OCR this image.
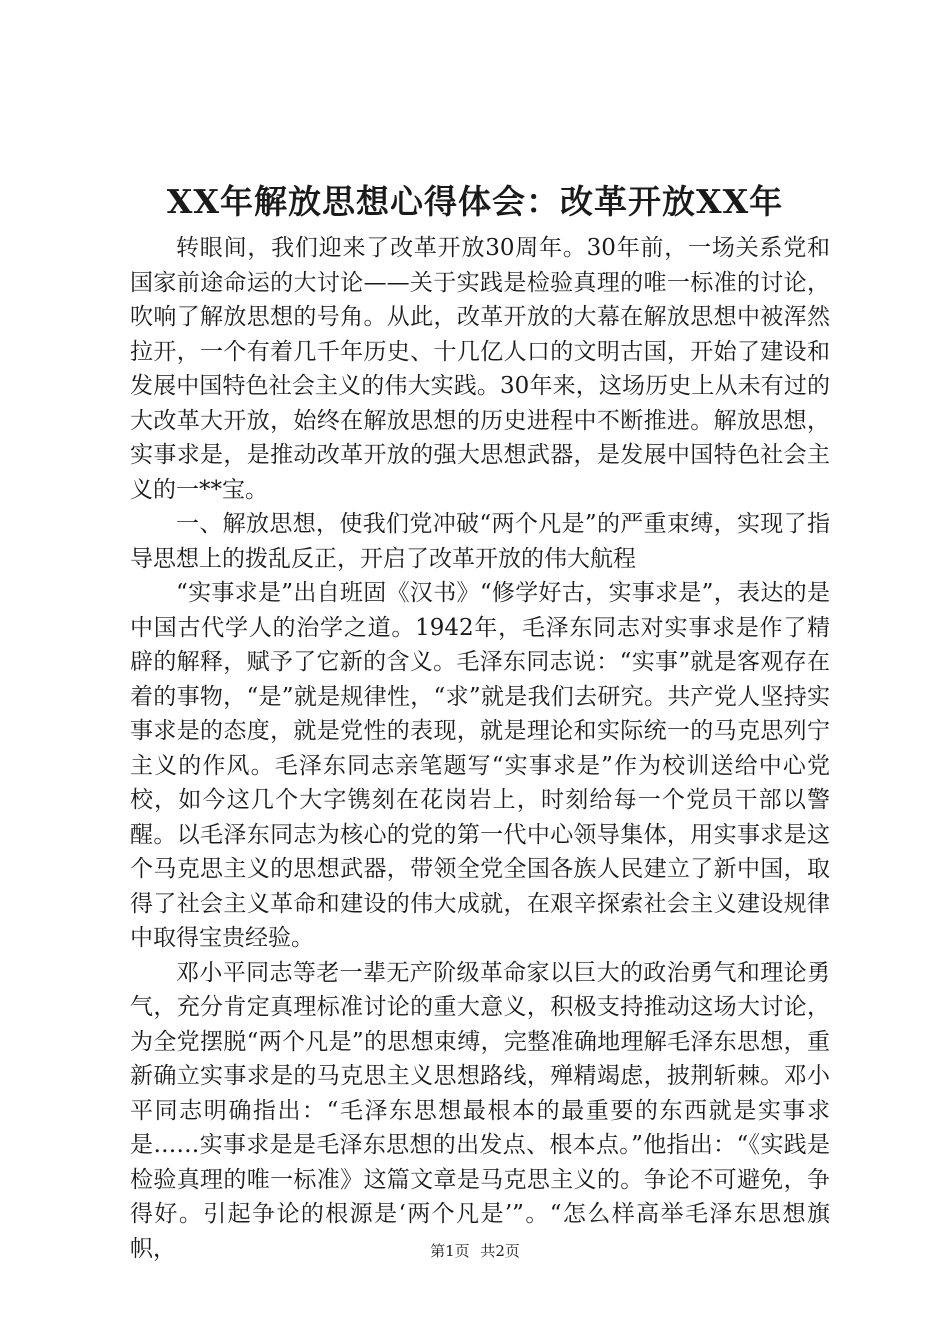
XX年解放思想心得体会：改革开放XX年

转眼间，我们迎来了改革开放30周年。30年前，一场关系党和国家前途命运的大讨论——关于实践是检验真理的唯一标准的讨论，吹响了解放思想的号角。从此，改革开放的大幕在解放思想中被浑然拉开，一个有着几千年历史、十几亿人口的文明古国，开始了建设和发展中国特色社会主义的伟大实践。30年来，这场历史上从未有过的大改革大开放，始终在解放思想的历史进程中不断推进。解放思想，实事求是，是推动改革开放的强大思想武器，是发展中国特色社会主义的一**宝。

一、解放思想，使我们党冲破“两个凡是”的严重束缚，实现了指导思想上的拨乱反正，开启了改革开放的伟大航程

“实事求是”出自班固《汉书》“修学好古，实事求是”，表达的是中国古代学人的治学之道。1942年，毛泽东同志对实事求是作了精辟的解释，赋予了它新的含义。毛泽东同志说：“实事”就是客观存在着的事物，“是”就是规律性，“求”就是我们去研究。共产党人坚持实事求是的态度，就是党性的表现，就是理论和实际统一的马克思列宁主义的作风。毛泽东同志亲笔题写“实事求是”作为校训送给中心党校，如今这几个大字镌刻在花岗岩上，时刻给每一个党员干部以警醒。以毛泽东同志为核心的党的第一代中心领导集体，用实事求是这个马克思主义的思想武器，带领全党全国各族人民建立了新中国，取得了社会主义革命和建设的伟大成就，在艰辛探索社会主义建设规律中取得宝贵经验。

邓小平同志等老一辈无产阶级革命家以巨大的政治勇气和理论勇气，充分肯定真理标准讨论的重大意义，积极支持推动这场大讨论，为全党摆脱“两个凡是”的思想束缚，完整准确地理解毛泽东思想，重新确立实事求是的马克思主义思想路线，殚精竭虑，披荆斩棘。邓小平同志明确指出：“毛泽东思想最根本的最重要的东西就是实事求是……实事求是是毛泽东思想的出发点、根本点。”他指出：“《实践是检验真理的唯一标准》这篇文章是马克思主义的。争论不可避免，争得好。引起争论的根源是‘两个凡是’”。“怎么样高举毛泽东思想旗帜，	第1页 共2页
